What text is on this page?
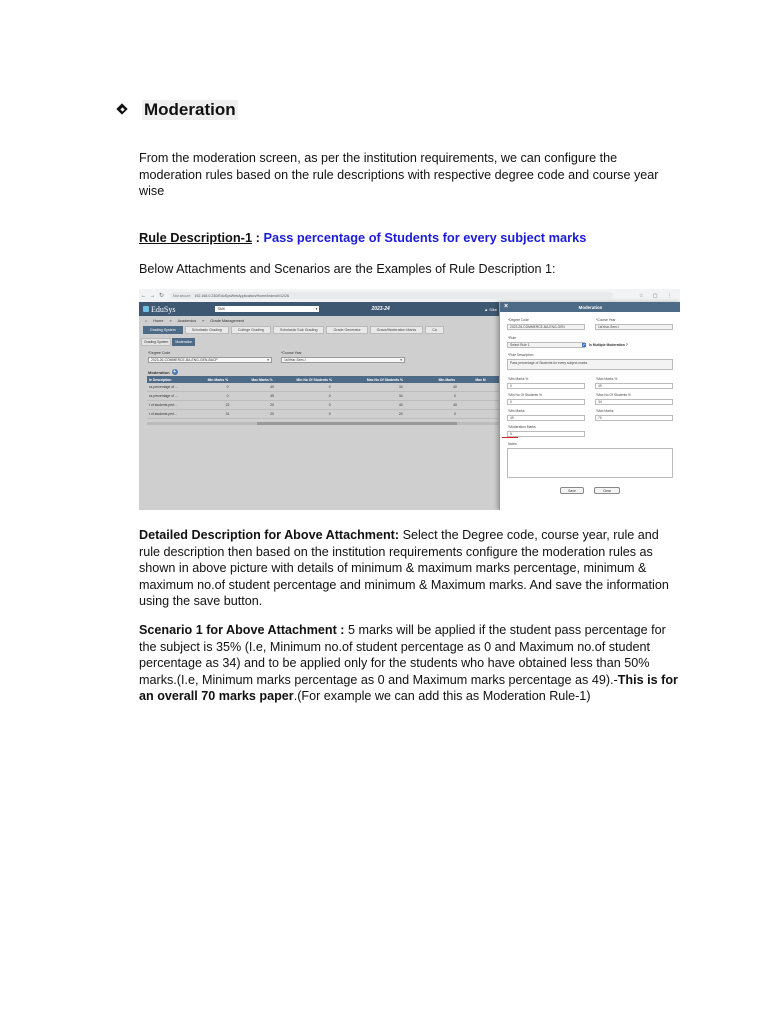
Moderation
From the moderation screen, as per the institution requirements, we can configure the moderation rules based on the rule descriptions with respective degree code and course year wise
Rule Description-1 : Pass percentage of Students for every subject marks
Below Attachments and Scenarios are the Examples of Rule Description 1:
← → ↻	Not secure 192.168.0.230/EduSysWebApplication/Home/Index#!/12/26	☆ ▢ ⋮
EduSys	SMK	▾	2023-24	▲ Sike
⌂ Home » Academics » Grade Management
Grading System	Scholastic Grading	College Grading	Scholastic Sub Grading	Grade Generator	Grace/Moderation Marks	Ca
Grading System	Moderation
*Degree Code
2023-26-COMMERCE-BA-ENG-GEN-BACP	▾
*Course Year
1stYear-Sem-I	▾
Moderation +
le Description	Min Marks %	Max Marks %	Min No Of Students %	Max No Of Students %	Min Marks	Max M
ss percentage of ...	0	40	0	34	40	
ss percentage of ...	0	45	0	34	0	
t of students pert...	22	20	0	40	40	
t of students pert...	31	20	0	20	0	
×	Moderation
*Degree Code
2023-26-COMMERCE-BA-ENG-GEN
*Course Year
1stYear-Sem-I
*Rule
Select Rule 1	✓ Is Multiple Moderation ?
*Rule Description
Pass percentage of Students for every subject marks
*Min Marks %
0
*Max Marks %
49
*Min No Of Students %
0
*Max No Of Students %
34
*Min Marks
49
*Max Marks
70
*Moderation Marks
5
Notes
Save	Clear
Detailed Description for Above Attachment: Select the Degree code, course year, rule and rule description then based on the institution requirements configure the moderation rules as shown in above picture with details of minimum & maximum marks percentage, minimum & maximum no.of student percentage and minimum & Maximum marks. And save the information using the save button.
Scenario 1 for Above Attachment : 5 marks will be applied if the student pass percentage for the subject is 35% (I.e, Minimum no.of student percentage as 0 and Maximum no.of student percentage as 34) and to be applied only for the students who have obtained less than 50% marks.(I.e, Minimum marks percentage as 0 and Maximum marks percentage as 49).-This is for an overall 70 marks paper.(For example we can add this as Moderation Rule-1)
